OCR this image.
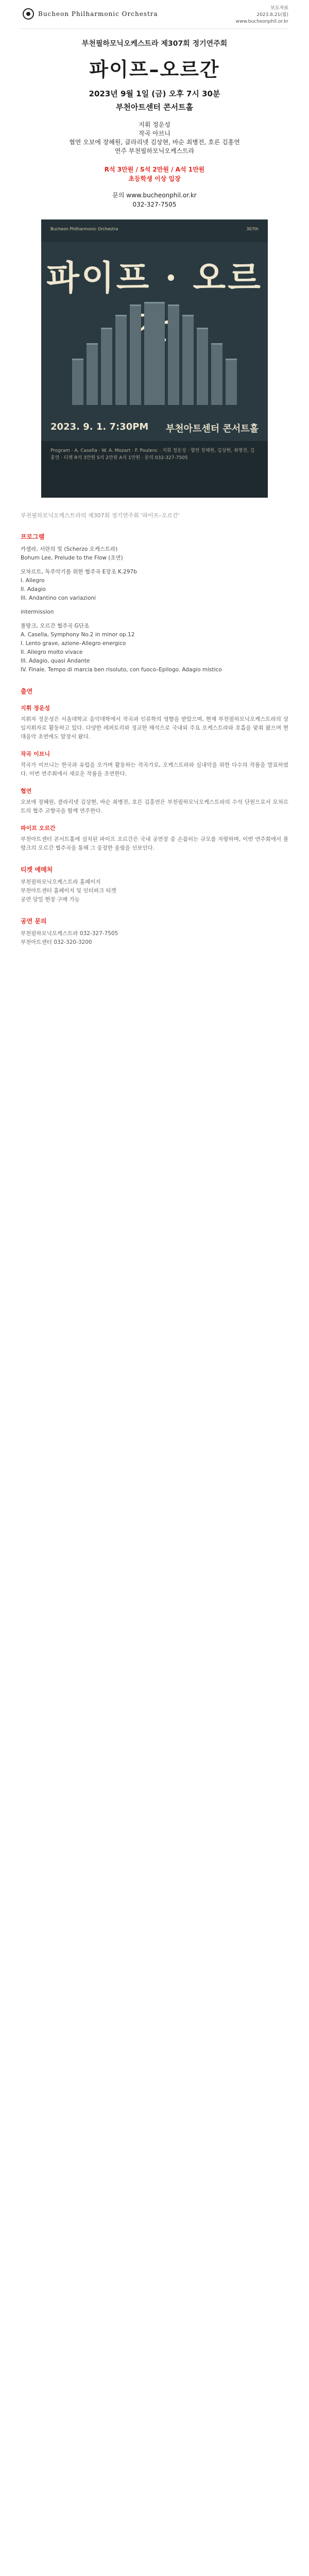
Bucheon Philharmonic Orchestra
보도자료
2023.8.21(월)
www.bucheonphil.or.kr
부천필하모닉오케스트라 제307회 정기연주회
파이프–오르간
2023년 9월 1일 (금) 오후 7시 30분
부천아트센터 콘서트홀
지휘 정운성
작곡 아브니
협연 오보에 장혜원, 클라리넷 김상현, 바순 최병전, 호른 김홍연
연주 부천필하모닉오케스트라
R석 3만원 / S석 2만원 / A석 1만원
초등학생 이상 입장
문의 www.bucheonphil.or.kr
032-327-7505
Bucheon Philharmonic Orchestra	307th
파이프 · 오르
2023. 9. 1. 7:30PM 부천아트센터 콘서트홀
Program · A. Casella · W. A. Mozart · F. Poulenc · 지휘 정운성 · 협연 장혜원, 김상현, 최병전, 김홍연 · 티켓 R석 3만원 S석 2만원 A석 1만원 · 문의 032-327-7505
부천필하모닉오케스트라의 제307회 정기연주회 '파이프–오르간'
프로그램
카셀라, 서란의 빛 (Scherzo 오케스트라)
Bohum Lee, Prelude to the Flow (초연)
모차르트, 독주악기를 위한 협주곡 E장조 K.297b
I. Allegro
II. Adagio
III. Andantino con variazioni
intermission
풀랑크, 오르간 협주곡 G단조
A. Casella, Symphony No.2 in minor op.12
I. Lento grave, azione–Allegro energico
II. Allegro molto vivace
III. Adagio, quasi Andante
IV. Finale. Tempo di marcia ben risoluto, con fuoco–Epilogo. Adagio mistico
출연
지휘 정운성
지휘자 정운성은 서울대학교 음악대학에서 작곡과 인류학의 영향을 받았으며, 현재 부천필하모닉오케스트라의 상임지휘자로 활동하고 있다. 다양한 레퍼토리와 정교한 해석으로 국내외 주요 오케스트라와 호흡을 맞춰 왔으며 현대음악 초연에도 앞장서 왔다.
작곡 이브니
작곡가 이브니는 한국과 유럽을 오가며 활동하는 작곡가로, 오케스트라와 실내악을 위한 다수의 작품을 발표하였다. 이번 연주회에서 새로운 작품을 초연한다.
협연
오보에 장혜원, 클라리넷 김상현, 바순 최병전, 호른 김홍연은 부천필하모닉오케스트라의 수석 단원으로서 모차르트의 협주 교향곡을 함께 연주한다.
파이프 오르간
부천아트센터 콘서트홀에 설치된 파이프 오르간은 국내 공연장 중 손꼽히는 규모를 자랑하며, 이번 연주회에서 풀랑크의 오르간 협주곡을 통해 그 웅장한 울림을 선보인다.
티켓 예매처
부천필하모닉오케스트라 홈페이지
부천아트센터 홈페이지 및 인터파크 티켓
공연 당일 현장 구매 가능
공연 문의
부천필하모닉오케스트라 032-327-7505
부천아트센터 032-320-3200
